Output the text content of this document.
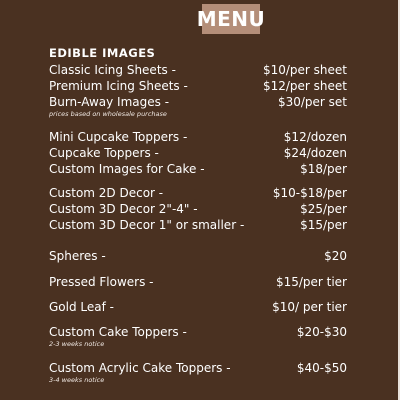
MENU
EDIBLE IMAGES
Classic Icing Sheets -	$10/per sheet
Premium Icing Sheets -	$12/per sheet
Burn-Away Images -	$30/per set
prices based on wholesale purchase
Mini Cupcake Toppers -	$12/dozen
Cupcake Toppers -	$24/dozen
Custom Images for Cake -	$18/per
Custom 2D Decor -	$10-$18/per
Custom 3D Decor 2"-4" -	$25/per
Custom 3D Decor 1" or smaller -	$15/per
Spheres -	$20
Pressed Flowers -	$15/per tier
Gold Leaf -	$10/ per tier
Custom Cake Toppers -	$20-$30
2-3 weeks notice
Custom Acrylic Cake Toppers -	$40-$50
3-4 weeks notice
